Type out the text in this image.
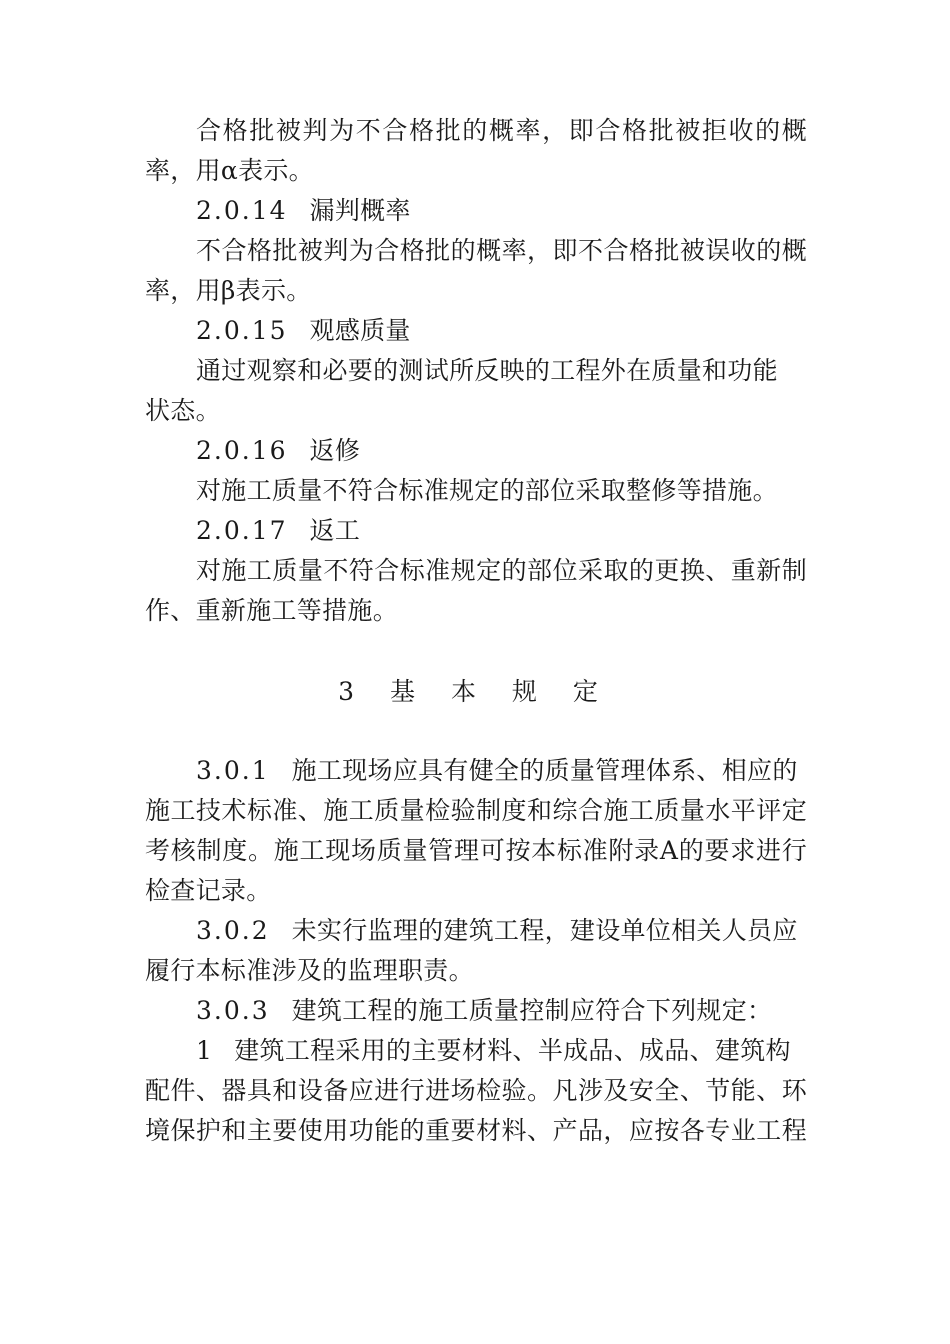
合格批被判为不合格批的概率，即合格批被拒收的概
率，用α表示。
2.0.14 漏判概率
不合格批被判为合格批的概率，即不合格批被误收的概
率，用β表示。
2.0.15 观感质量
通过观察和必要的测试所反映的工程外在质量和功能
状态。
2.0.16 返修
对施工质量不符合标准规定的部位采取整修等措施。
2.0.17 返工
对施工质量不符合标准规定的部位采取的更换、重新制
作、重新施工等措施。
3 基 本 规 定
3.0.1 施工现场应具有健全的质量管理体系、相应的
施工技术标准、施工质量检验制度和综合施工质量水平评定
考核制度。施工现场质量管理可按本标准附录A的要求进行
检查记录。
3.0.2 未实行监理的建筑工程，建设单位相关人员应
履行本标准涉及的监理职责。
3.0.3 建筑工程的施工质量控制应符合下列规定：
1 建筑工程采用的主要材料、半成品、成品、建筑构
配件、器具和设备应进行进场检验。凡涉及安全、节能、环
境保护和主要使用功能的重要材料、产品，应按各专业工程
